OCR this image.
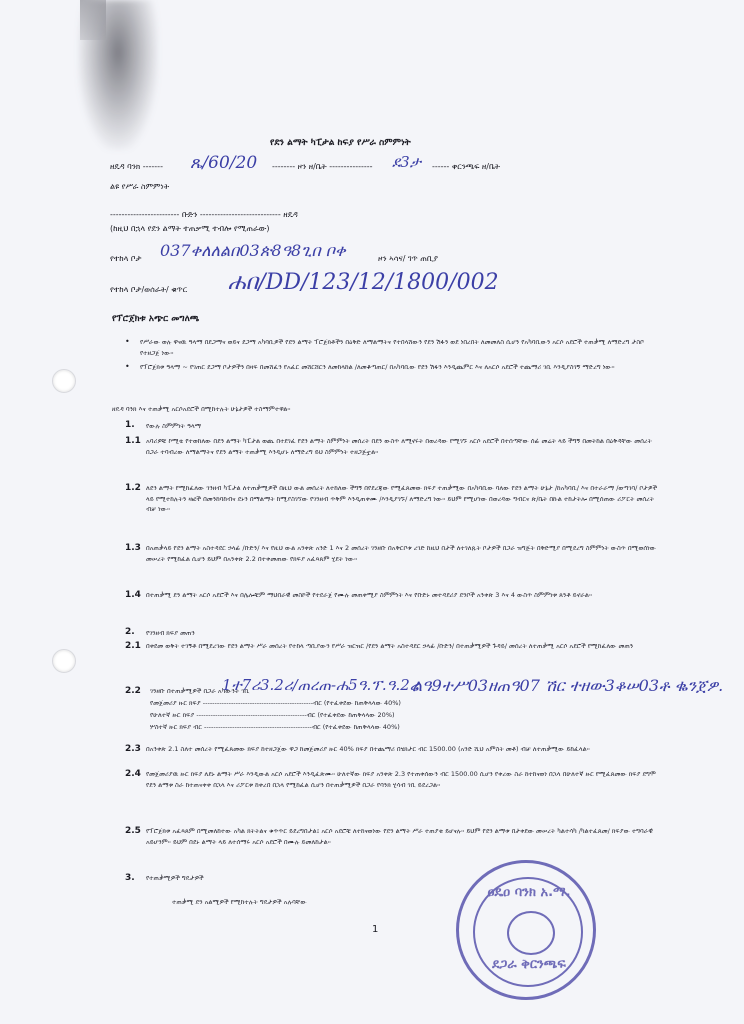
የደን ልማት ካፒታል ከፍያ የሥራ ስምምነት
ዘዴዳ ባንክ ------- ጼ/60/20 -------- ዞን ዘ/ቤት --------------- ደ3ታ ------ ቀርንጫፍ ዘ/ቤት
ልዩ የሥራ ስምምነት
------------------------ ቡድን ---------------------------- ዘዴዳ
(ከዚህ በኋላ የደን ልማት ተጠቃሚ ተብሎ የሚጠራው)
የተከላ ቦታ 037ቀለለልበ03ጵ8ዓ8ጊበ ቦቀ	ዞን ኣሳና/ ገጥ ጠቢያ
የተከላ ቦታ/ወሰራት/ ቁጥር ሐበ/DD/123/12/1800/002
የፕሮጀክቱ አጭር መግለጫ
• የሥራው ወሉ ዋናዉ ዓላማ በደጋማና ወይና ደጋማ አካባቢዎች የደን ልማት ፕሮጀክቶችን በዕቅድ ለማልማትና የተበላሸውን የደን ሽፋን ወደ ነበረበት ለመመለስ ሲሆን የአካባቢውን አርሶ አደሮች ተጠቃሚ ለማድረግ ታስቦ የተዘጋጀ ነው።
• የፕሮጀክቱ ዓላማ ~ የገጠር ደጋማ ቦታዎችን በዛፍ በመሸፈን የአፈር መሸርሸርን ለመከላከል /ለመቆጣጠር/ በአካባቢው የደን ሽፋን እንዲጨምር እና ለአርሶ አደሮች ተጨማሪ ገቢ እንዲያስገኝ ማድረግ ነው።
ዘዴዳ ባንክ እና ተጠቃሚ አርሶአደሮች በሚከተሉት ሁኔታዎች ተስማምተዋል፡፡
1. የውሉ ስምምነት ዓላማ
1.1 አባሪዎቹ ኮሚቴ የተወከለው በደን ልማት ካፒታል ወጪ በተደገፈ የደን ልማት ስምምነት መሰረት በደን ውስጥ ለሚኖሩት በወረዳው የሚገኙ አርሶ አደሮች በተሰጣቸው ሰፊ መሬት ላይ ችግኝ በመትከል በዕቅዳቸው መሰረት በጋራ ተባብረው ለማልማትና የደን ልማት ተጠቃሚ እንዲሆኑ ለማድረግ ይህ ስምምነት ተዘጋጅቷል።
1.2 ለደን ልማት የሚከፈለው ገንዘብ ካፒታል ለተጠቃሚዎች በዚህ ውል መሰረት ለተከለው ችግኝ በየደረጃው የሚፈጸመው ክፍያ ተጠቃሚው በአካባቢው ባለው የደን ልማት ሁኔታ /ከአካባቢ/ እና በተራራማ /ወጣገባ/ ቦታዎች ላይ የሚተከሉትን ዛፎች በመንከባከብና ደኑን በማልማት ከሚያስገኘው የገንዘብ ጥቅም እንዲጠቀሙ /እንዲያገኙ/ ለማድረግ ነው፡፡ ይህም የሚሆነው በወረዳው ግብርና ጽ/ቤት በኩል ተከታትሎ በሚሰጠው ሪፖርት መሰረት ብቻ ነው።
1.3 በአጠቃላይ የደን ልማት አስተዳደር ኃላፊ /ቡድን/ እና የዚህ ውል አንቀጽ አንድ 1 እና 2 መሰረት ገንዘቡ በአቅርቦቱ ረገድ ከዚህ በታች ለተገለጹት ቦታዎች በጋራ ዝግጅት በቅድሚያ በሚደረግ ስምምነት ውስጥ በሚወሰነው መሠረት የሚከፈል ሲሆን ይህም በአንቀጽ 2.2 በተቀመጠው የክፍያ አፈጻጸም ሂደት ነው።
1.4 በተጠቃሚ ደን ልማት አርሶ አደሮች እና በሌሎቹም ማህበራዊ መስኮች የተደራጀ የሙሉ መጠቀሚያ ስምምነት እና የቡድኑ መተዳደሪያ ደንቦች አንቀጽ 3 እና 4 ውስጥ ስምምነቱ ጸንቶ ይኖራል።
2. የገንዘብ ክፍያ መጠን
2.1 በቀደመ ወቅት ተገኝቶ በሚደረገው የደን ልማት ሥራ መሰረት የተከላ ጣቢያውን የሥራ ዝርዝር /የደን ልማት አስተዳደር ኃላፊ /ቡድን/ በተጠቃሚዎች ጉዳይ/ መሰረት ለተጠቃሚ አርሶ አደሮች የሚከፈለው መጠን
2.2 ገንዘቡ በተጠቃሚዎች በጋራ አካውንት ገቢ
1ተ7ሪ3.2ሪ/ጠረጠ-ሐ5ዓ.ፕ.ዓ.2ሪ
ልዓ9ተሥ03ዘጠዓ07 ሽር ተዘው3ቆሠ03ቶ ቈንጀዎ.
የመጀመሪያ ዙር ክፍያ -----------------------------------------------ብር (የተፈቀደው ከጠቅላላው 40%)
የሁለተኛ ዙር ክፍያ -----------------------------------------------ብር (የተፈቀደው ከጠቅላላው 20%)
ሦስተኛ ዙር ክፍያ ብር ----------------------------------------------ብር (የተፈቀደው ከጠቅላላው 40%)
2.3 በአንቀጽ 2.1 ስለተ መሰረት የሚፈጸመው ክፍያ ከተዘጋጀው ዋጋ ከመጀመሪያ ዙር 40% ክፍያ በተጨማሪ በሄክታር ብር 1500.00 (አንድ ሺህ አምስት መቶ) ብቻ ለተጠቃሚው ይከፈላል።
2.4 የመጀመሪያዉ ዙር ክፍያ ለደኑ ልማት ሥራ እንዲውል አርሶ አደሮች እንዲፈጽሙ፡፡ ሁለተኛው ክፍያ አንቀጽ 2.3 የተጠቀሰውን ብር 1500.00 ሲሆን የቀረው ስራ ከተከናወነ በኋላ በሁለተኛ ዙር የሚፈጸመው ክፍያ ደግሞ የደን ልማቱ ስራ ከተጠናቀቀ በኋላ እና ሪፖርቱ ከቀረበ በኋላ የሚከፈል ሲሆን በተጠቃሚዎች በጋራ የባንክ ሂሳብ ገቢ ይደረጋል።
2.5 የፕሮጀክቱ አፈጻጸም በሚመለከተው አካል ክትትልና ቁጥጥር ይደረግበታል፤ አርሶ አደሮቹ ለተከናወነው የደን ልማት ሥራ ተጠያቂ ይሆናሉ፡፡ ይህም የደን ልማቱ በታቀደው መሠረት ካልተሳካ /ካልተፈጸመ/ ክፍያው ተግባራዊ አይሆንም፡፡ ይህም በደኑ ልማት ላይ ለተሰማሩ አርሶ አደሮች በሙሉ ይመለከታል።
3. የተጠቃሚዎች ግዴታዎች
ተጠቃሚ ደን አልሚዎች የሚከተሉት ግዴታዎች አሉባቸው
1
ዐዴዐ ባንክ አ.ማ.
ደጋራ ቅርንጫፍ
